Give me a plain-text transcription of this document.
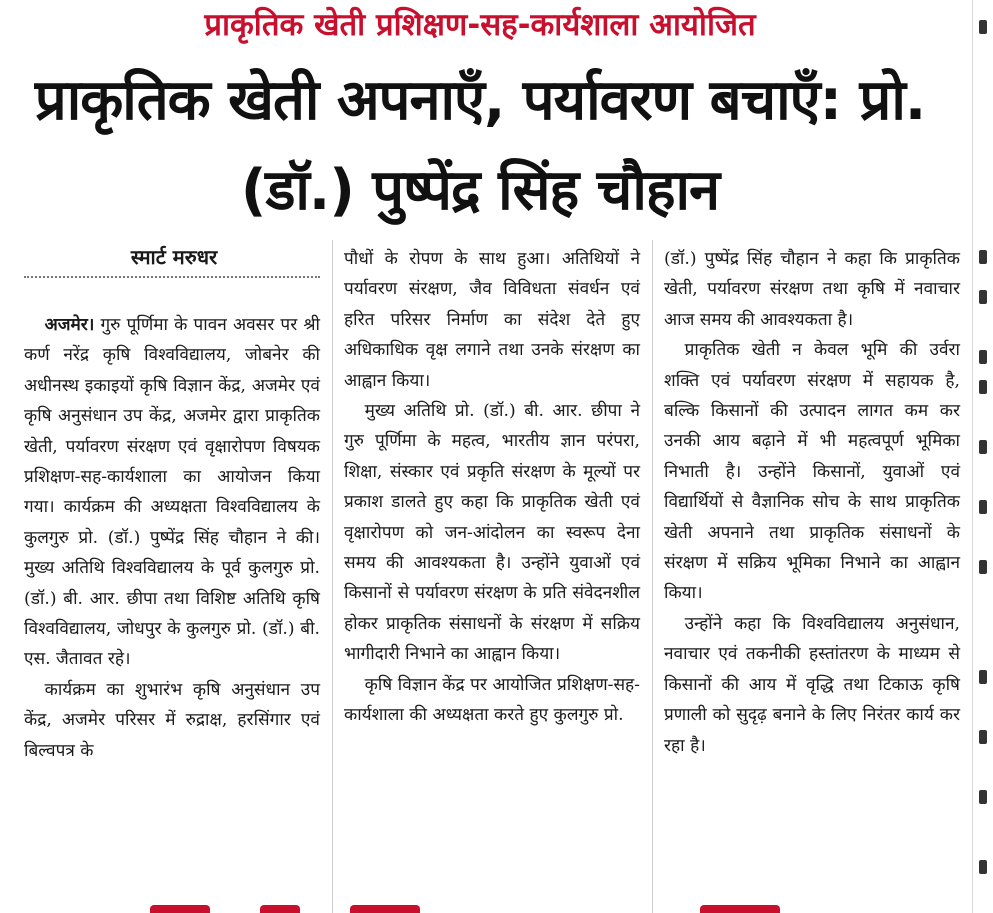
प्राकृतिक खेती प्रशिक्षण-सह-कार्यशाला आयोजित
प्राकृतिक खेती अपनाएँ, पर्यावरण बचाएँ: प्रो. (डॉ.) पुष्पेंद्र सिंह चौहान
स्मार्ट मरुधर

अजमेर। गुरु पूर्णिमा के पावन अवसर पर श्री कर्ण नरेंद्र कृषि विश्वविद्यालय, जोबनेर की अधीनस्थ इकाइयों कृषि विज्ञान केंद्र, अजमेर एवं कृषि अनुसंधान उप केंद्र, अजमेर द्वारा प्राकृतिक खेती, पर्यावरण संरक्षण एवं वृक्षारोपण विषयक प्रशिक्षण-सह-कार्यशाला का आयोजन किया गया। कार्यक्रम की अध्यक्षता विश्वविद्यालय के कुलगुरु प्रो. (डॉ.) पुष्पेंद्र सिंह चौहान ने की। मुख्य अतिथि विश्वविद्यालय के पूर्व कुलगुरु प्रो. (डॉ.) बी. आर. छीपा तथा विशिष्ट अतिथि कृषि विश्वविद्यालय, जोधपुर के कुलगुरु प्रो. (डॉ.) बी. एस. जैतावत रहे।

कार्यक्रम का शुभारंभ कृषि अनुसंधान उप केंद्र, अजमेर परिसर में रुद्राक्ष, हरसिंगार एवं बिल्वपत्र के

पौधों के रोपण के साथ हुआ। अतिथियों ने पर्यावरण संरक्षण, जैव विविधता संवर्धन एवं हरित परिसर निर्माण का संदेश देते हुए अधिकाधिक वृक्ष लगाने तथा उनके संरक्षण का आह्वान किया।

मुख्य अतिथि प्रो. (डॉ.) बी. आर. छीपा ने गुरु पूर्णिमा के महत्व, भारतीय ज्ञान परंपरा, शिक्षा, संस्कार एवं प्रकृति संरक्षण के मूल्यों पर प्रकाश डालते हुए कहा कि प्राकृतिक खेती एवं वृक्षारोपण को जन-आंदोलन का स्वरूप देना समय की आवश्यकता है। उन्होंने युवाओं एवं किसानों से पर्यावरण संरक्षण के प्रति संवेदनशील होकर प्राकृतिक संसाधनों के संरक्षण में सक्रिय भागीदारी निभाने का आह्वान किया।

कृषि विज्ञान केंद्र पर आयोजित प्रशिक्षण-सह-कार्यशाला की अध्यक्षता करते हुए कुलगुरु प्रो.

(डॉ.) पुष्पेंद्र सिंह चौहान ने कहा कि प्राकृतिक खेती, पर्यावरण संरक्षण तथा कृषि में नवाचार आज समय की आवश्यकता है।

प्राकृतिक खेती न केवल भूमि की उर्वरा शक्ति एवं पर्यावरण संरक्षण में सहायक है, बल्कि किसानों की उत्पादन लागत कम कर उनकी आय बढ़ाने में भी महत्वपूर्ण भूमिका निभाती है। उन्होंने किसानों, युवाओं एवं विद्यार्थियों से वैज्ञानिक सोच के साथ प्राकृतिक खेती अपनाने तथा प्राकृतिक संसाधनों के संरक्षण में सक्रिय भूमिका निभाने का आह्वान किया।

उन्होंने कहा कि विश्वविद्यालय अनुसंधान, नवाचार एवं तकनीकी हस्तांतरण के माध्यम से किसानों की आय में वृद्धि तथा टिकाऊ कृषि प्रणाली को सुदृढ़ बनाने के लिए निरंतर कार्य कर रहा है।
